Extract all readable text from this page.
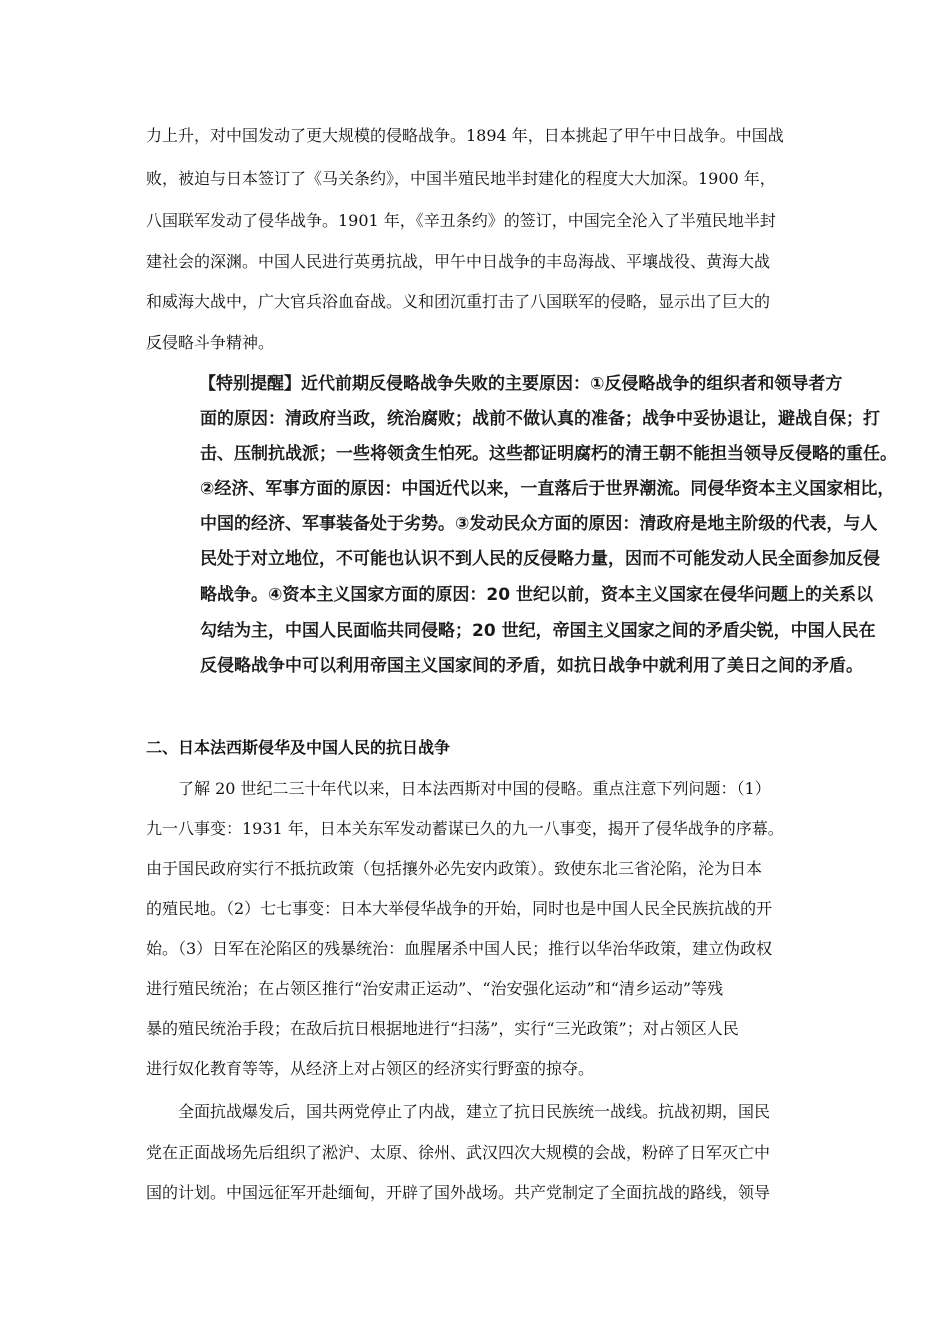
力上升，对中国发动了更大规模的侵略战争。1894 年，日本挑起了甲午中日战争。中国战
败，被迫与日本签订了《马关条约》，中国半殖民地半封建化的程度大大加深。1900 年，
八国联军发动了侵华战争。1901 年，《辛丑条约》的签订，中国完全沦入了半殖民地半封
建社会的深渊。中国人民进行英勇抗战，甲午中日战争的丰岛海战、平壤战役、黄海大战
和威海大战中，广大官兵浴血奋战。义和团沉重打击了八国联军的侵略，显示出了巨大的
反侵略斗争精神。
【特别提醒】近代前期反侵略战争失败的主要原因：①反侵略战争的组织者和领导者方
面的原因：清政府当政，统治腐败；战前不做认真的准备；战争中妥协退让，避战自保；打
击、压制抗战派；一些将领贪生怕死。这些都证明腐朽的清王朝不能担当领导反侵略的重任。
②经济、军事方面的原因：中国近代以来，一直落后于世界潮流。同侵华资本主义国家相比，
中国的经济、军事装备处于劣势。③发动民众方面的原因：清政府是地主阶级的代表，与人
民处于对立地位，不可能也认识不到人民的反侵略力量，因而不可能发动人民全面参加反侵
略战争。④资本主义国家方面的原因：20 世纪以前，资本主义国家在侵华问题上的关系以
勾结为主，中国人民面临共同侵略；20 世纪，帝国主义国家之间的矛盾尖锐，中国人民在
反侵略战争中可以利用帝国主义国家间的矛盾，如抗日战争中就利用了美日之间的矛盾。
二、日本法西斯侵华及中国人民的抗日战争
了解 20 世纪二三十年代以来，日本法西斯对中国的侵略。重点注意下列问题：（1）
九一八事变：1931 年，日本关东军发动蓄谋已久的九一八事变，揭开了侵华战争的序幕。
由于国民政府实行不抵抗政策（包括攘外必先安内政策）。致使东北三省沦陷，沦为日本
的殖民地。（2）七七事变：日本大举侵华战争的开始，同时也是中国人民全民族抗战的开
始。（3）日军在沦陷区的残暴统治：血腥屠杀中国人民；推行以华治华政策，建立伪政权
进行殖民统治；在占领区推行“治安肃正运动”、“治安强化运动”和“清乡运动”等残
暴的殖民统治手段；在敌后抗日根据地进行“扫荡”，实行“三光政策”；对占领区人民
进行奴化教育等等，从经济上对占领区的经济实行野蛮的掠夺。
全面抗战爆发后，国共两党停止了内战，建立了抗日民族统一战线。抗战初期，国民
党在正面战场先后组织了淞沪、太原、徐州、武汉四次大规模的会战，粉碎了日军灭亡中
国的计划。中国远征军开赴缅甸，开辟了国外战场。共产党制定了全面抗战的路线，领导
